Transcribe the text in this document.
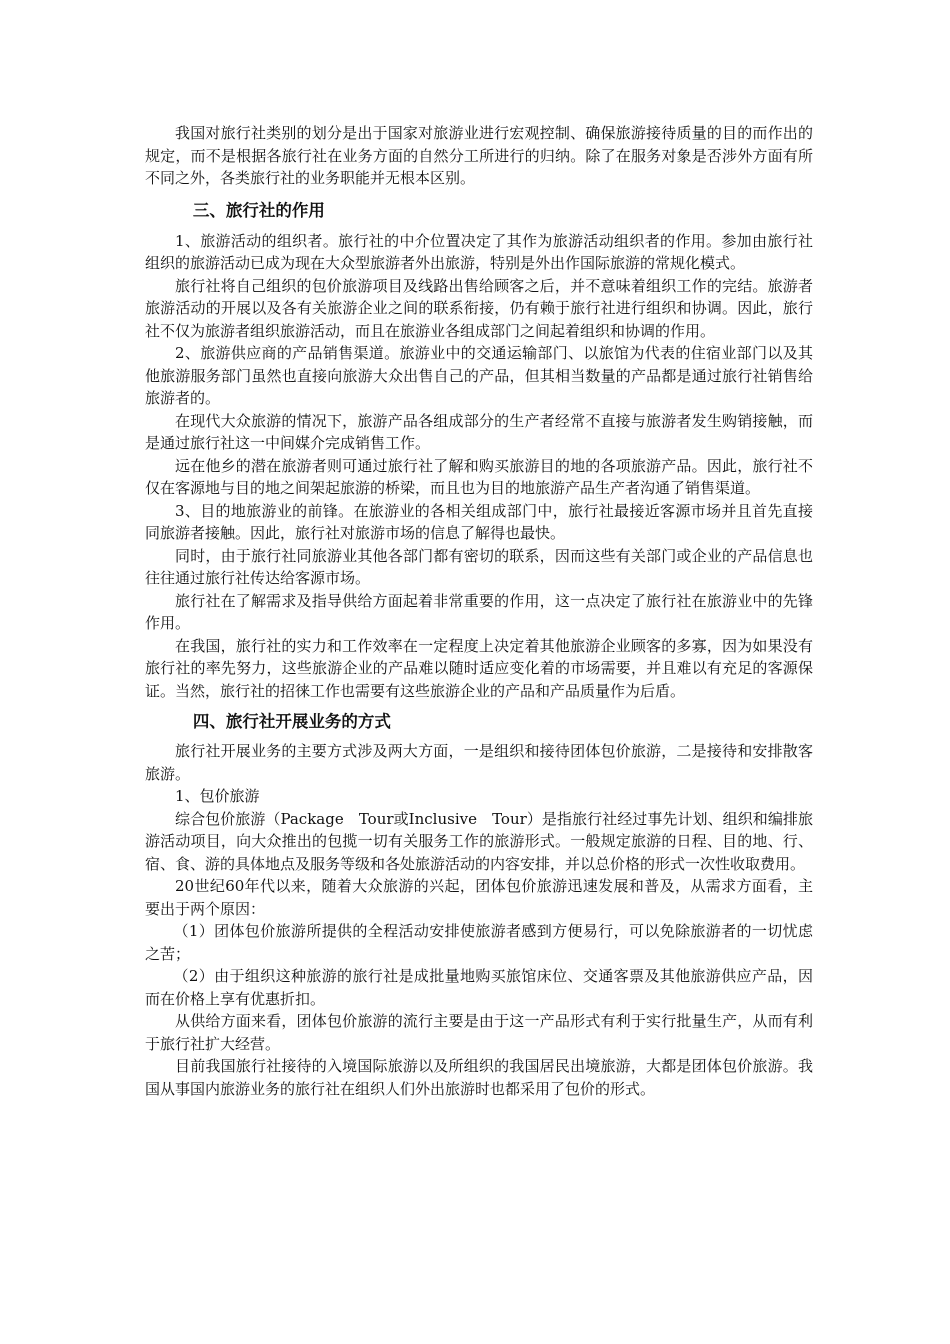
我国对旅行社类别的划分是出于国家对旅游业进行宏观控制、确保旅游接待质量的目的而作出的规定，而不是根据各旅行社在业务方面的自然分工所进行的归纳。除了在服务对象是否涉外方面有所不同之外，各类旅行社的业务职能并无根本区别。

三、旅行社的作用

1、旅游活动的组织者。旅行社的中介位置决定了其作为旅游活动组织者的作用。参加由旅行社组织的旅游活动已成为现在大众型旅游者外出旅游，特别是外出作国际旅游的常规化模式。

旅行社将自己组织的包价旅游项目及线路出售给顾客之后，并不意味着组织工作的完结。旅游者旅游活动的开展以及各有关旅游企业之间的联系衔接，仍有赖于旅行社进行组织和协调。因此，旅行社不仅为旅游者组织旅游活动，而且在旅游业各组成部门之间起着组织和协调的作用。

2、旅游供应商的产品销售渠道。旅游业中的交通运输部门、以旅馆为代表的住宿业部门以及其他旅游服务部门虽然也直接向旅游大众出售自己的产品，但其相当数量的产品都是通过旅行社销售给旅游者的。

在现代大众旅游的情况下，旅游产品各组成部分的生产者经常不直接与旅游者发生购销接触，而是通过旅行社这一中间媒介完成销售工作。

远在他乡的潜在旅游者则可通过旅行社了解和购买旅游目的地的各项旅游产品。因此，旅行社不仅在客源地与目的地之间架起旅游的桥梁，而且也为目的地旅游产品生产者沟通了销售渠道。

3、目的地旅游业的前锋。在旅游业的各相关组成部门中，旅行社最接近客源市场并且首先直接同旅游者接触。因此，旅行社对旅游市场的信息了解得也最快。

同时，由于旅行社同旅游业其他各部门都有密切的联系，因而这些有关部门或企业的产品信息也往往通过旅行社传达给客源市场。

旅行社在了解需求及指导供给方面起着非常重要的作用，这一点决定了旅行社在旅游业中的先锋作用。

在我国，旅行社的实力和工作效率在一定程度上决定着其他旅游企业顾客的多寡，因为如果没有旅行社的率先努力，这些旅游企业的产品难以随时适应变化着的市场需要，并且难以有充足的客源保证。当然，旅行社的招徕工作也需要有这些旅游企业的产品和产品质量作为后盾。

四、旅行社开展业务的方式

旅行社开展业务的主要方式涉及两大方面，一是组织和接待团体包价旅游，二是接待和安排散客旅游。

1、包价旅游

综合包价旅游（Package　Tour或Inclusive　Tour）是指旅行社经过事先计划、组织和编排旅游活动项目，向大众推出的包揽一切有关服务工作的旅游形式。一般规定旅游的日程、目的地、行、宿、食、游的具体地点及服务等级和各处旅游活动的内容安排，并以总价格的形式一次性收取费用。

20世纪60年代以来，随着大众旅游的兴起，团体包价旅游迅速发展和普及，从需求方面看，主要出于两个原因：

（1）团体包价旅游所提供的全程活动安排使旅游者感到方便易行，可以免除旅游者的一切忧虑之苦；

（2）由于组织这种旅游的旅行社是成批量地购买旅馆床位、交通客票及其他旅游供应产品，因而在价格上享有优惠折扣。

从供给方面来看，团体包价旅游的流行主要是由于这一产品形式有利于实行批量生产，从而有利于旅行社扩大经营。

目前我国旅行社接待的入境国际旅游以及所组织的我国居民出境旅游，大都是团体包价旅游。我国从事国内旅游业务的旅行社在组织人们外出旅游时也都采用了包价的形式。
